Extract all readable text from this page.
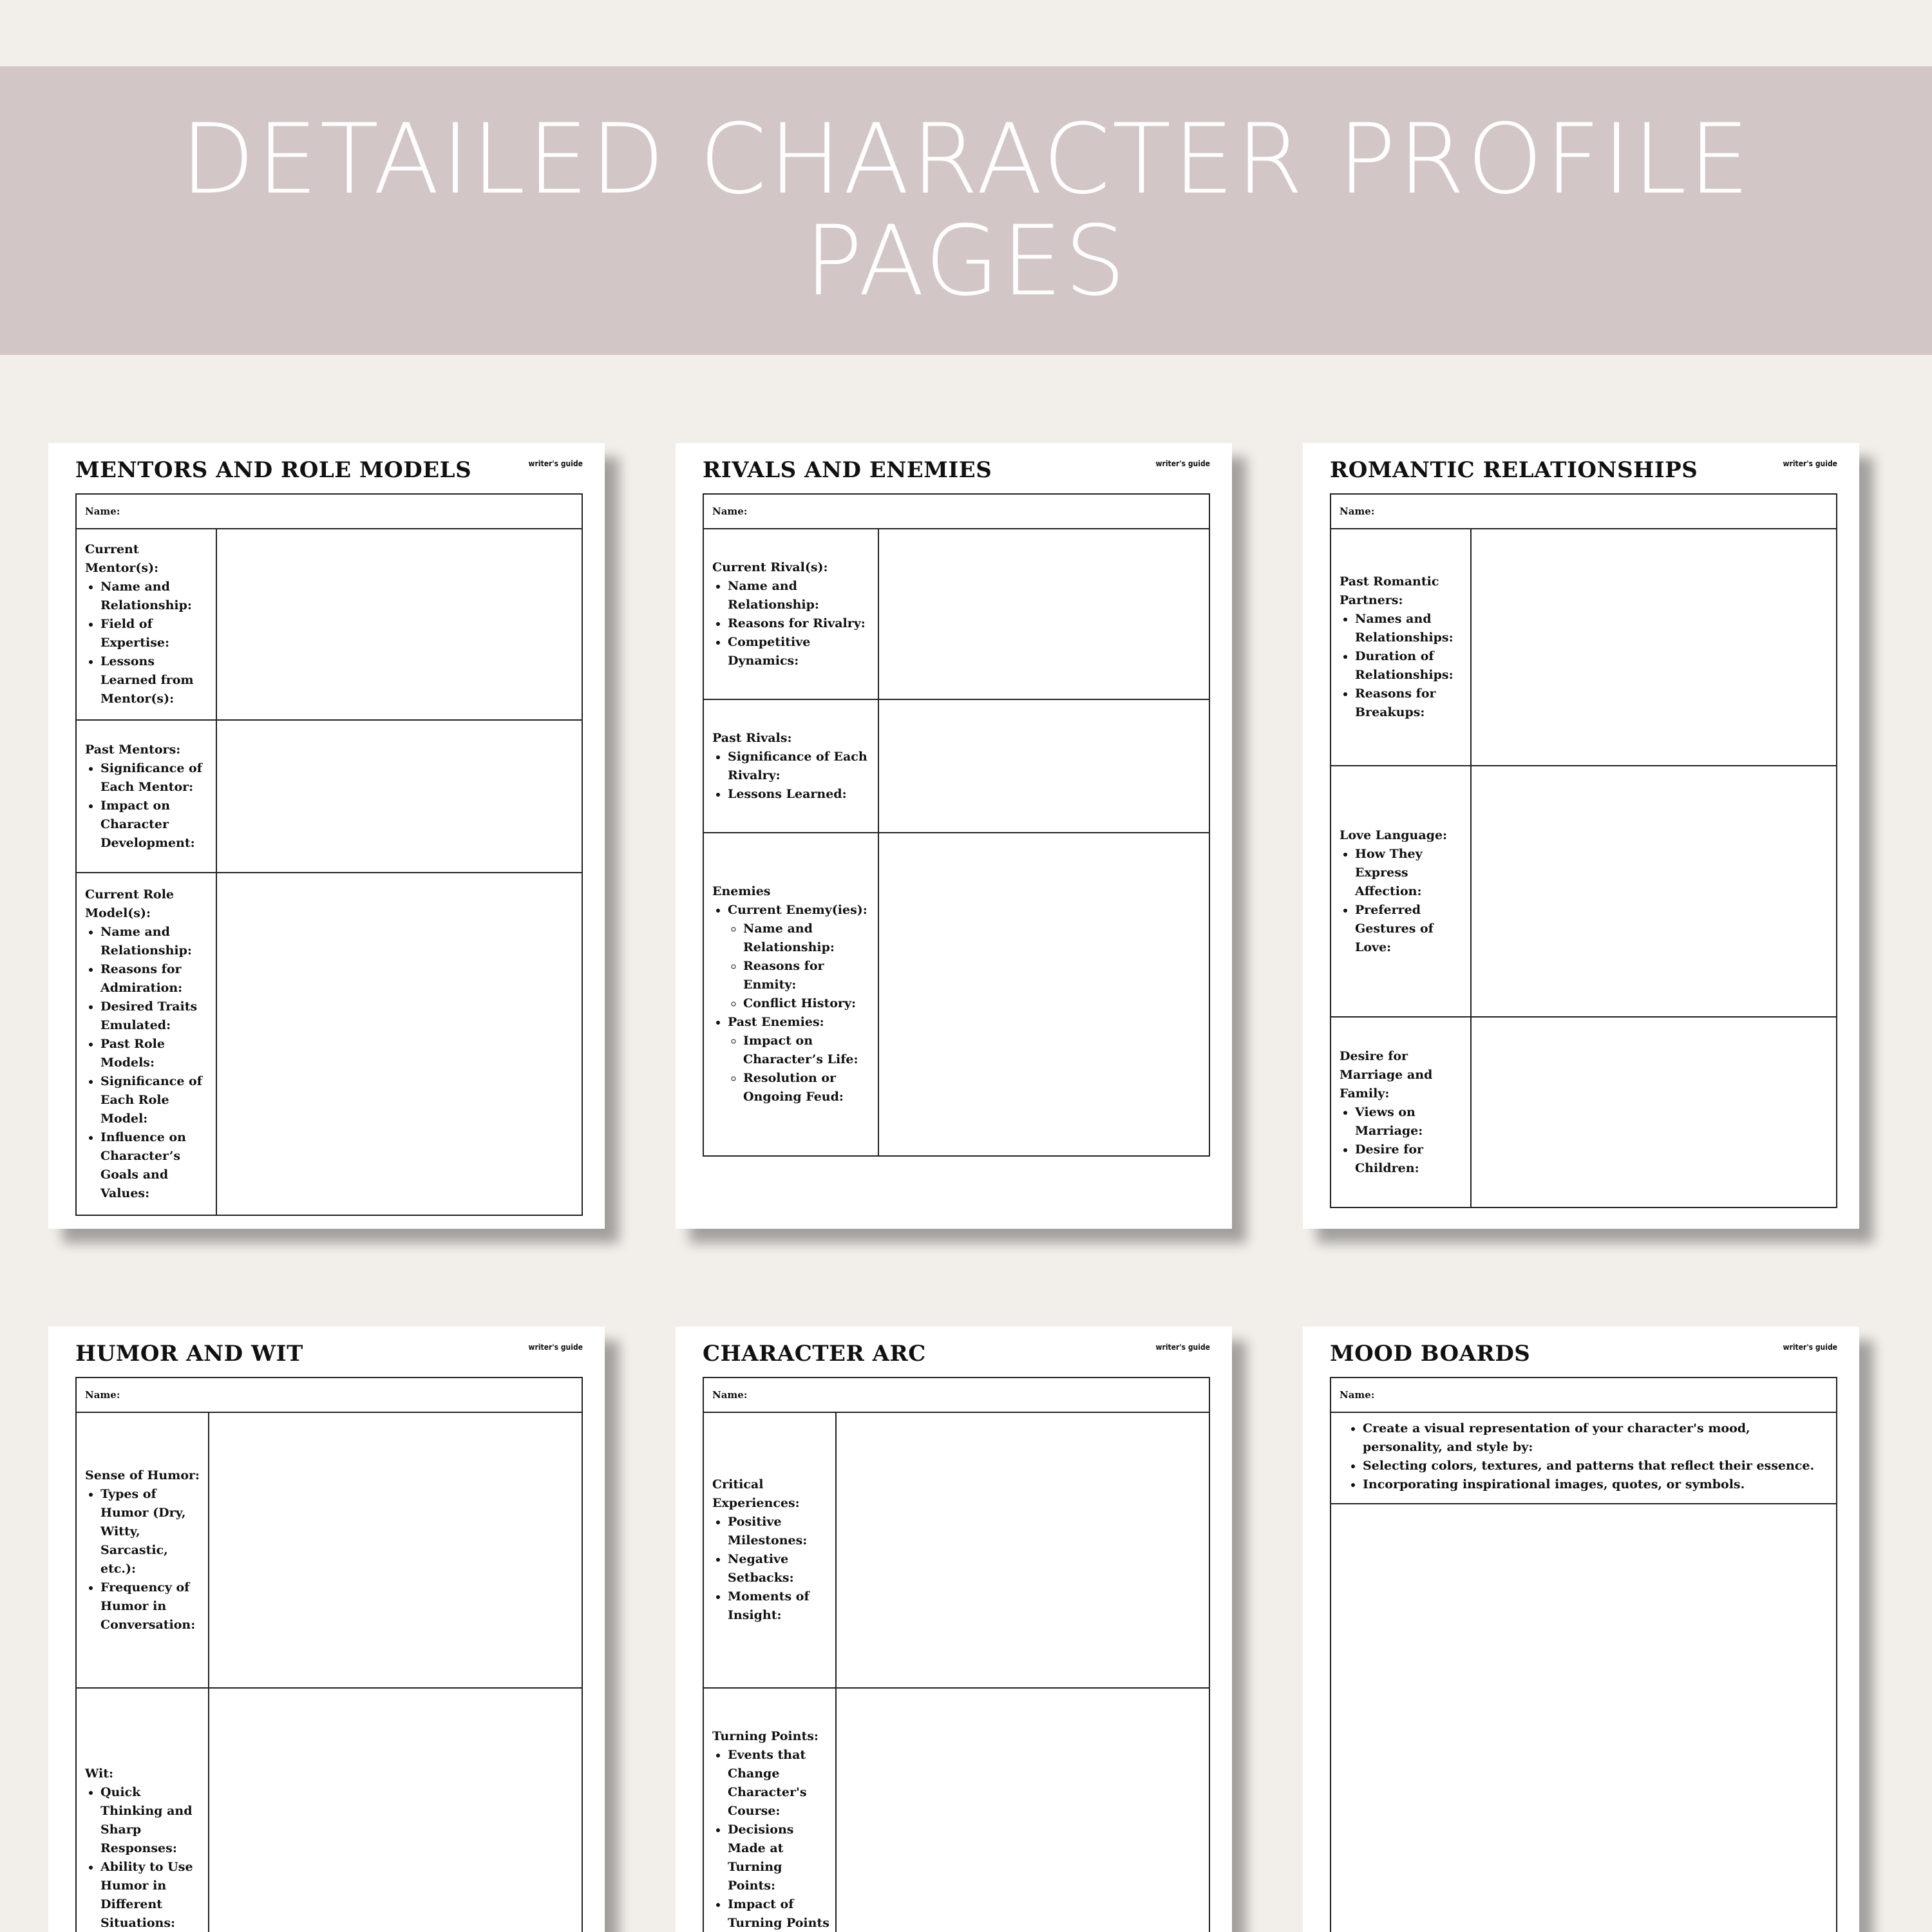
DETAILED CHARACTER PROFILE
PAGES
MENTORS AND ROLE MODELS	writer's guide
Name:
Current Mentor(s):
• Name and Relationship:
• Field of Expertise:
• Lessons Learned from Mentor(s):
Past Mentors:
• Significance of Each Mentor:
• Impact on Character Development:
Current Role Model(s):
• Name and Relationship:
• Reasons for Admiration:
• Desired Traits Emulated:
• Past Role Models:
• Significance of Each Role Model:
• Influence on Character’s Goals and Values:
RIVALS AND ENEMIES	writer's guide
Name:
Current Rival(s):
• Name and Relationship:
• Reasons for Rivalry:
• Competitive Dynamics:
Past Rivals:
• Significance of Each Rivalry:
• Lessons Learned:
Enemies
• Current Enemy(ies):
◦ Name and Relationship:
◦ Reasons for Enmity:
◦ Conflict History:
• Past Enemies:
◦ Impact on Character’s Life:
◦ Resolution or Ongoing Feud:
ROMANTIC RELATIONSHIPS	writer's guide
Name:
Past Romantic Partners:
• Names and Relationships:
• Duration of Relationships:
• Reasons for Breakups:
Love Language:
• How They Express Affection:
• Preferred Gestures of Love:
Desire for Marriage and Family:
• Views on Marriage:
• Desire for Children:
HUMOR AND WIT	writer's guide
Name:
Sense of Humor:
• Types of Humor (Dry, Witty, Sarcastic, etc.):
• Frequency of Humor in Conversation:
Wit:
• Quick Thinking and Sharp Responses:
• Ability to Use Humor in Different Situations:
CHARACTER ARC	writer's guide
Name:
Critical Experiences:
• Positive Milestones:
• Negative Setbacks:
• Moments of Insight:
Turning Points:
• Events that Change Character's Course:
• Decisions Made at Turning Points:
• Impact of Turning Points
MOOD BOARDS	writer's guide
Name:
• Create a visual representation of your character's mood, personality, and style by:
• Selecting colors, textures, and patterns that reflect their essence.
• Incorporating inspirational images, quotes, or symbols.
